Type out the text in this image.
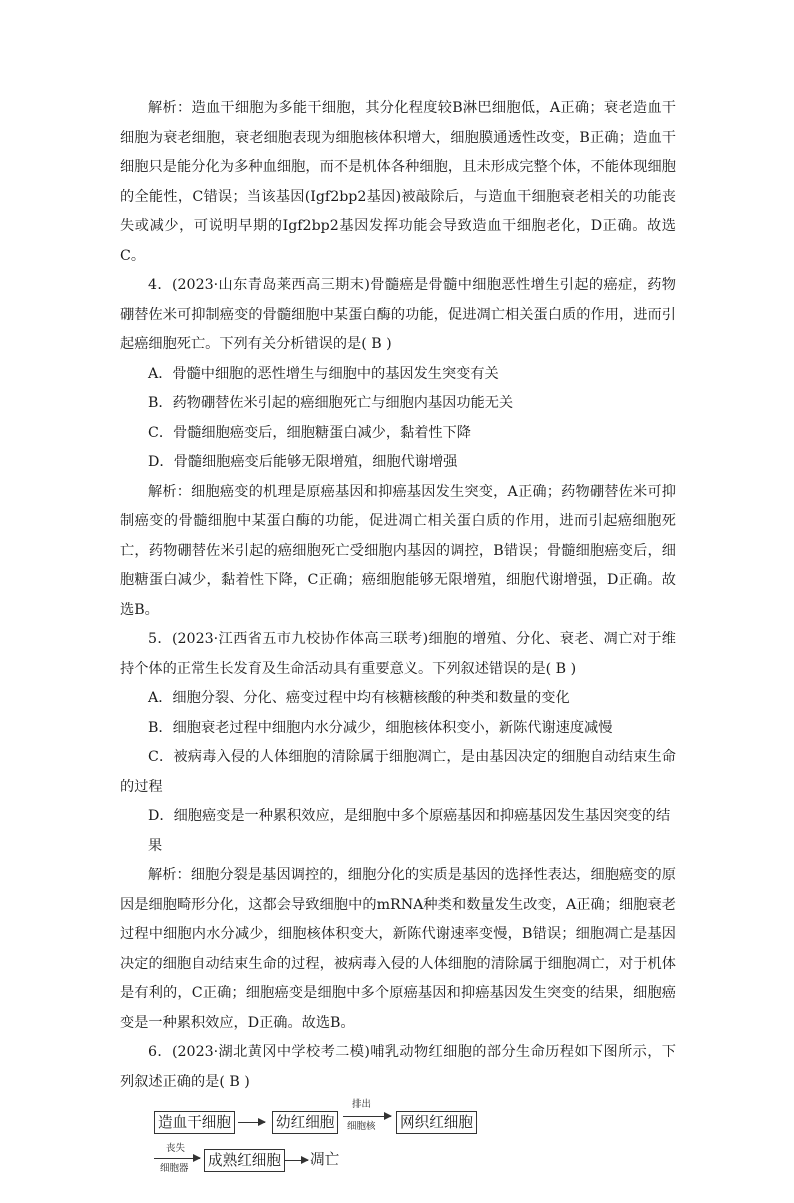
解析：造血干细胞为多能干细胞，其分化程度较B淋巴细胞低，A正确；衰老造血干细胞为衰老细胞，衰老细胞表现为细胞核体积增大，细胞膜通透性改变，B正确；造血干细胞只是能分化为多种血细胞，而不是机体各种细胞，且未形成完整个体，不能体现细胞的全能性，C错误；当该基因(Igf2bp2基因)被敲除后，与造血干细胞衰老相关的功能丧失或减少，可说明早期的Igf2bp2基因发挥功能会导致造血干细胞老化，D正确。故选C。

4．(2023·山东青岛莱西高三期末)骨髓癌是骨髓中细胞恶性增生引起的癌症，药物硼替佐米可抑制癌变的骨髓细胞中某蛋白酶的功能，促进凋亡相关蛋白质的作用，进而引起癌细胞死亡。下列有关分析错误的是( B )

A．骨髓中细胞的恶性增生与细胞中的基因发生突变有关

B．药物硼替佐米引起的癌细胞死亡与细胞内基因功能无关

C．骨髓细胞癌变后，细胞糖蛋白减少，黏着性下降

D．骨髓细胞癌变后能够无限增殖，细胞代谢增强

解析：细胞癌变的机理是原癌基因和抑癌基因发生突变，A正确；药物硼替佐米可抑制癌变的骨髓细胞中某蛋白酶的功能，促进凋亡相关蛋白质的作用，进而引起癌细胞死亡，药物硼替佐米引起的癌细胞死亡受细胞内基因的调控，B错误；骨髓细胞癌变后，细胞糖蛋白减少，黏着性下降，C正确；癌细胞能够无限增殖，细胞代谢增强，D正确。故选B。

5．(2023·江西省五市九校协作体高三联考)细胞的增殖、分化、衰老、凋亡对于维持个体的正常生长发育及生命活动具有重要意义。下列叙述错误的是( B )

A．细胞分裂、分化、癌变过程中均有核糖核酸的种类和数量的变化

B．细胞衰老过程中细胞内水分减少，细胞核体积变小，新陈代谢速度减慢

C．被病毒入侵的人体细胞的清除属于细胞凋亡，是由基因决定的细胞自动结束生命的过程

D．细胞癌变是一种累积效应，是细胞中多个原癌基因和抑癌基因发生基因突变的结果

解析：细胞分裂是基因调控的，细胞分化的实质是基因的选择性表达，细胞癌变的原因是细胞畸形分化，这都会导致细胞中的mRNA种类和数量发生改变，A正确；细胞衰老过程中细胞内水分减少，细胞核体积变大，新陈代谢速率变慢，B错误；细胞凋亡是基因决定的细胞自动结束生命的过程，被病毒入侵的人体细胞的清除属于细胞凋亡，对于机体是有利的，C正确；细胞癌变是细胞中多个原癌基因和抑癌基因发生突变的结果，细胞癌变是一种累积效应，D正确。故选B。

6．(2023·湖北黄冈中学校考二模)哺乳动物红细胞的部分生命历程如下图所示，下列叙述正确的是( B )

造血干细胞	幼红细胞
排出
细胞核 网织红细胞
丧失
细胞器 成熟红细胞 凋亡
